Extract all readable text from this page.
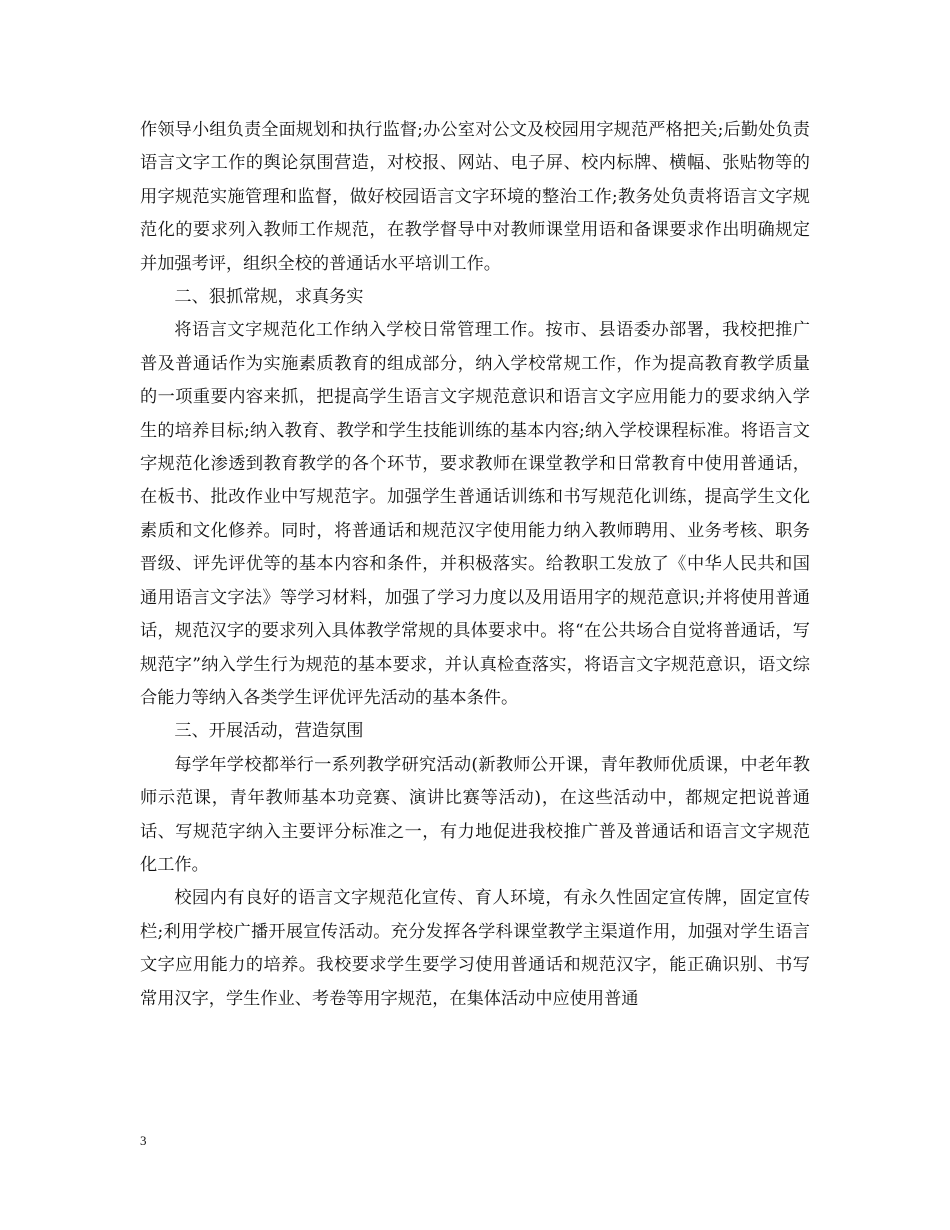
作领导小组负责全面规划和执行监督;办公室对公文及校园用字规范严格把关;后勤处负责语言文字工作的舆论氛围营造，对校报、网站、电子屏、校内标牌、横幅、张贴物等的用字规范实施管理和监督，做好校园语言文字环境的整治工作;教务处负责将语言文字规范化的要求列入教师工作规范，在教学督导中对教师课堂用语和备课要求作出明确规定并加强考评，组织全校的普通话水平培训工作。

二、狠抓常规，求真务实

将语言文字规范化工作纳入学校日常管理工作。按市、县语委办部署，我校把推广普及普通话作为实施素质教育的组成部分，纳入学校常规工作，作为提高教育教学质量的一项重要内容来抓，把提高学生语言文字规范意识和语言文字应用能力的要求纳入学生的培养目标;纳入教育、教学和学生技能训练的基本内容;纳入学校课程标准。将语言文字规范化渗透到教育教学的各个环节，要求教师在课堂教学和日常教育中使用普通话，在板书、批改作业中写规范字。加强学生普通话训练和书写规范化训练，提高学生文化素质和文化修养。同时，将普通话和规范汉字使用能力纳入教师聘用、业务考核、职务晋级、评先评优等的基本内容和条件，并积极落实。给教职工发放了《中华人民共和国通用语言文字法》等学习材料，加强了学习力度以及用语用字的规范意识;并将使用普通话，规范汉字的要求列入具体教学常规的具体要求中。将“在公共场合自觉将普通话，写规范字”纳入学生行为规范的基本要求，并认真检查落实，将语言文字规范意识，语文综合能力等纳入各类学生评优评先活动的基本条件。

三、开展活动，营造氛围

每学年学校都举行一系列教学研究活动(新教师公开课，青年教师优质课，中老年教师示范课，青年教师基本功竞赛、演讲比赛等活动)，在这些活动中，都规定把说普通话、写规范字纳入主要评分标准之一，有力地促进我校推广普及普通话和语言文字规范化工作。

校园内有良好的语言文字规范化宣传、育人环境，有永久性固定宣传牌，固定宣传栏;利用学校广播开展宣传活动。充分发挥各学科课堂教学主渠道作用，加强对学生语言文字应用能力的培养。我校要求学生要学习使用普通话和规范汉字，能正确识别、书写常用汉字，学生作业、考卷等用字规范，在集体活动中应使用普通

3
